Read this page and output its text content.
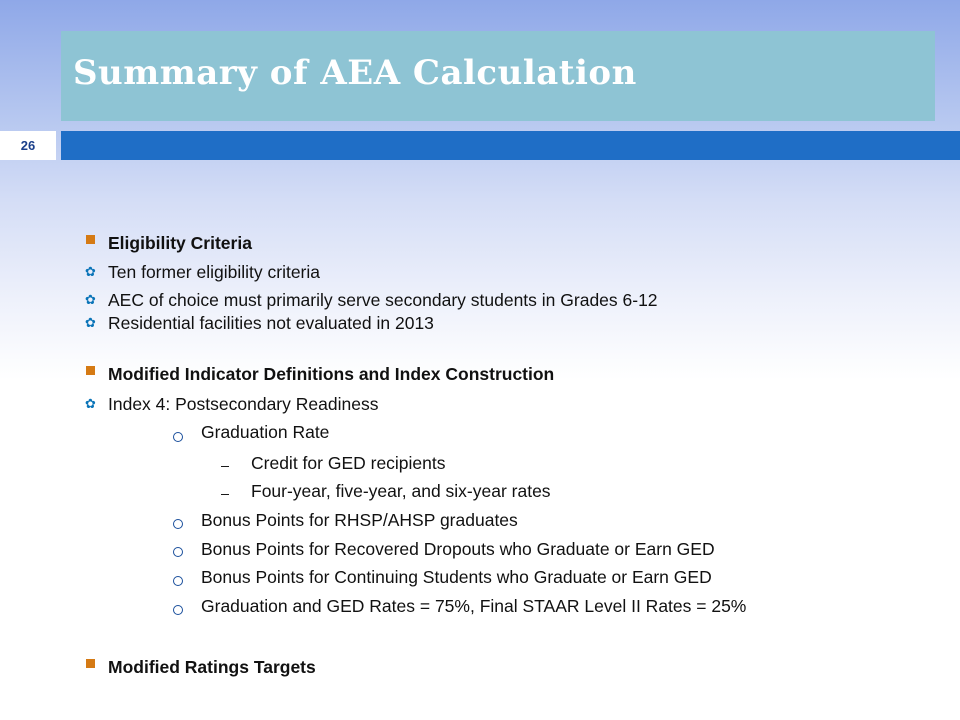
Summary of AEA Calculation
26
Eligibility Criteria
✿ Ten former eligibility criteria
✿ AEC of choice must primarily serve secondary students in Grades 6-12
✿ Residential facilities not evaluated in 2013
Modified Indicator Definitions and Index Construction
✿ Index 4: Postsecondary Readiness
Graduation Rate
Credit for GED recipients
Four-year, five-year, and six-year rates
Bonus Points for RHSP/AHSP graduates
Bonus Points for Recovered Dropouts who Graduate or Earn GED
Bonus Points for Continuing Students who Graduate or Earn GED
Graduation and GED Rates = 75%, Final STAAR Level II Rates = 25%
Modified Ratings Targets
